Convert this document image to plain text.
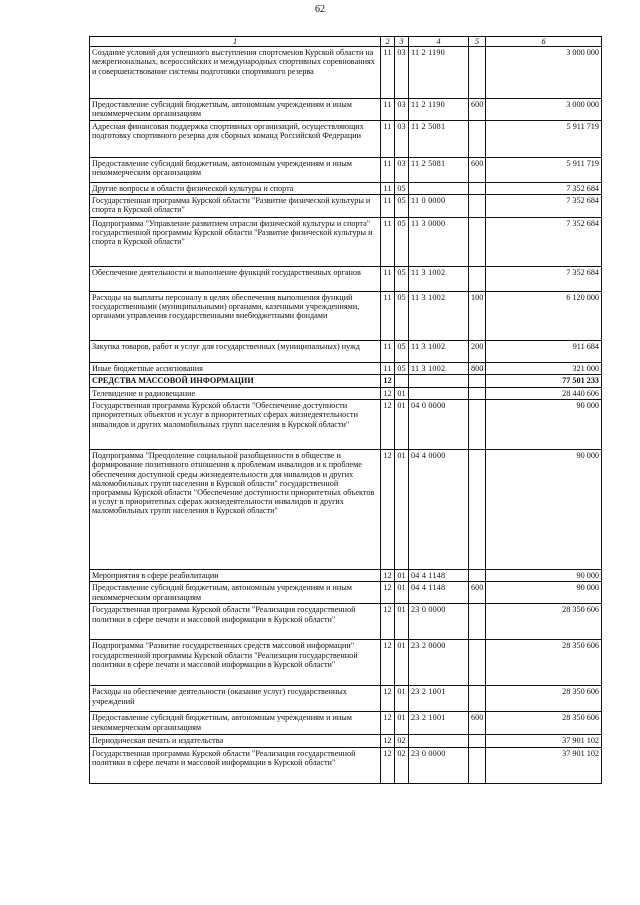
62
1	2	3	4	5	6
Создание условий для успешного выступления спортсменов Курской области на межрегиональных, всероссийских и международных спортивных соревнованиях и совершенствование системы подготовки спортивного резерва	11	03	11 2 1190		3 000 000
Предоставление субсидий бюджетным, автономным учреждениям и иным некоммерческим организациям	11	03	11 2 1190	600	3 000 000
Адресная финансовая поддержка спортивных организаций, осуществляющих подготовку спортивного резерва для сборных команд Российской Федерации	11	03	11 2 5081		5 911 719
Предоставление субсидий бюджетным, автономным учреждениям и иным некоммерческим организациям	11	03	11 2 5081	600	5 911 719
Другие вопросы в области физической культуры и спорта	11	05			7 352 684
Государственная программа Курской области "Развитие физической культуры и спорта в Курской области"	11	05	11 0 0000		7 352 684
Подпрограмма "Управление развитием отрасли физической культуры и спорта" государственной программы Курской области "Развитие физической культуры и спорта в Курской области"	11	05	11 3 0000		7 352 684
Обеспечение деятельности и выполнение функций государственных органов	11	05	11 3 1002		7 352 684
Расходы на выплаты персоналу в целях обеспечения выполнения функций государственными (муниципальными) органами, казенными учреждениями, органами управления государственными внебюджетными фондами	11	05	11 3 1002	100	6 120 000
Закупка товаров, работ и услуг для государственных (муниципальных) нужд	11	05	11 3 1002	200	911 684
Иные бюджетные ассигнования	11	05	11 3 1002	800	321 000
СРЕДСТВА МАССОВОЙ ИНФОРМАЦИИ	12				77 501 233
Телевидение и радиовещание	12	01			28 440 606
Государственная программа Курской области "Обеспечение доступности приоритетных объектов и услуг в приоритетных сферах жизнедеятельности инвалидов и других маломобильных групп населения в Курской области"	12	01	04 0 0000		90 000
Подпрограмма "Преодоление социальной разобщенности в обществе и формирование позитивного отношения к проблемам инвалидов и к проблеме обеспечения доступной среды жизнедеятельности для инвалидов и других маломобильных групп населения в Курской области" государственной программы Курской области "Обеспечение доступности приоритетных объектов и услуг в приоритетных сферах жизнедеятельности инвалидов и других маломобильных групп населения в Курской области"	12	01	04 4 0000		90 000
Мероприятия в сфере реабилитации	12	01	04 4 1148		90 000
Предоставление субсидий бюджетным, автономным учреждениям и иным некоммерческим организациям	12	01	04 4 1148	600	90 000
Государственная программа Курской области "Реализация государственной политики в сфере печати и массовой информации в Курской области"	12	01	23 0 0000		28 350 606
Подпрограмма "Развитие государственных средств массовой информации" государственной программы Курской области "Реализация государственной политики в сфере печати и массовой информации в Курской области"	12	01	23 2 0000		28 350 606
Расходы на обеспечение деятельности (оказание услуг) государственных учреждений	12	01	23 2 1001		28 350 606
Предоставление субсидий бюджетным, автономным учреждениям и иным некоммерческим организациям	12	01	23 2 1001	600	28 350 606
Периодическая печать и издательства	12	02			37 901 102
Государственная программа Курской области "Реализация государственной политики в сфере печати и массовой информации в Курской области"	12	02	23 0 0000		37 901 102
